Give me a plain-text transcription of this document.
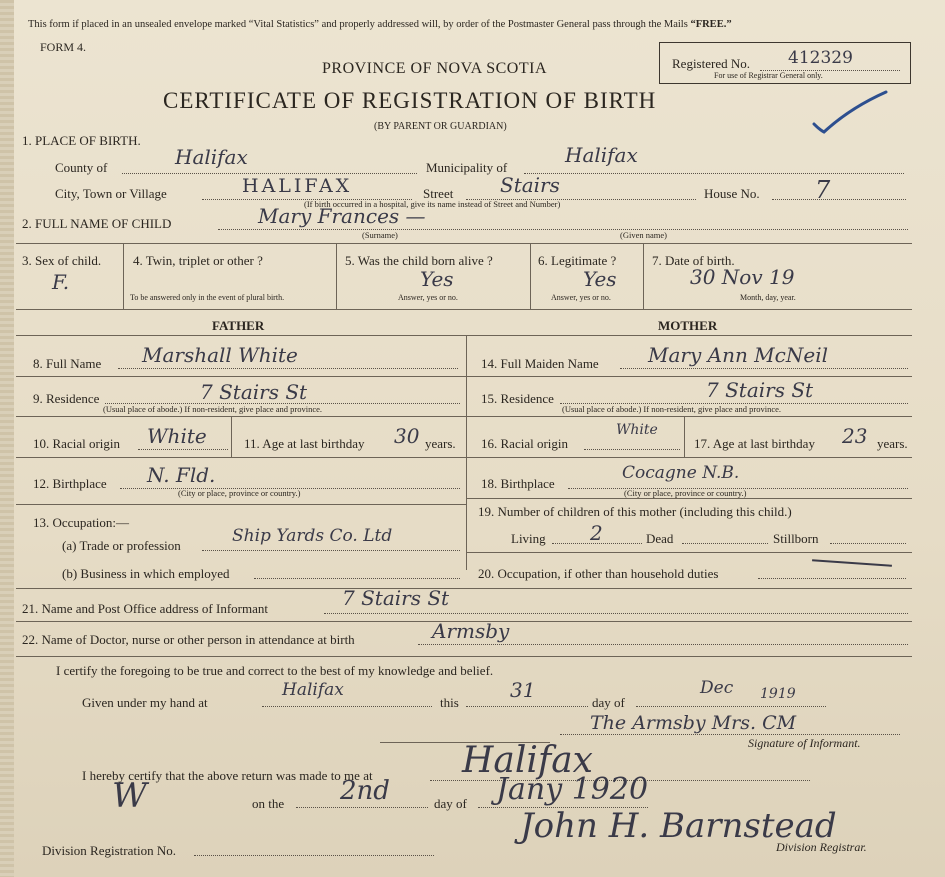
This form if placed in an unsealed envelope marked “Vital Statistics” and properly addressed will, by order of the Postmaster General pass through the Mails “FREE.”
FORM 4.
PROVINCE OF NOVA SCOTIA
CERTIFICATE OF REGISTRATION OF BIRTH
(BY PARENT OR GUARDIAN)
Registered No. 412329
For use of Registrar General only.
1. PLACE OF BIRTH.
County of	Halifax	Municipality of
Halifax
City, Town or Village	HALIFAX	Street Stairs	House No. 7
(If birth occurred in a hospital, give its name instead of Street and Number)
2. FULL NAME OF CHILD	Mary Frances —
(Surname)	(Given name)
3. Sex of child.
F.
4. Twin, triplet or other ?
To be answered only in the event of plural birth.
5. Was the child born alive ?
Yes
Answer, yes or no.
6. Legitimate ?
Yes
Answer, yes or no.
7. Date of birth.
30 Nov 19
Month, day, year.
FATHER	MOTHER
8. Full Name Marshall White
9. Residence	7 Stairs St
(Usual place of abode.) If non-resident, give place and province.
10. Racial origin White	11. Age at last birthday 30 years.
12. Birthplace N. Fld.
(City or place, province or country.)
13. Occupation:—
(a) Trade or profession	Ship Yards Co. Ltd
(b) Business in which employed
14. Full Maiden Name Mary Ann McNeil
15. Residence	7 Stairs St
(Usual place of abode.) If non-resident, give place and province.
16. Racial origin
White
17. Age at last birthday 23 years.
18. Birthplace
Cocagne N.B.
(City or place, province or country.)
19. Number of children of this mother (including this child.)
Living 2	Dead	Stillborn
20. Occupation, if other than household duties
21. Name and Post Office address of Informant	7 Stairs St
22. Name of Doctor, nurse or other person in attendance at birth	Armsby
I certify the foregoing to be true and correct to the best of my knowledge and belief.
Given under my hand at
Halifax
this
31
day of
Dec 1919
The Armsby Mrs. CM
Signature of Informant.
I hereby certify that the above return was made to me at Halifax
W	on the 2nd	day of Jany 1920
John H. Barnstead
Division Registration No.	Division Registrar.
